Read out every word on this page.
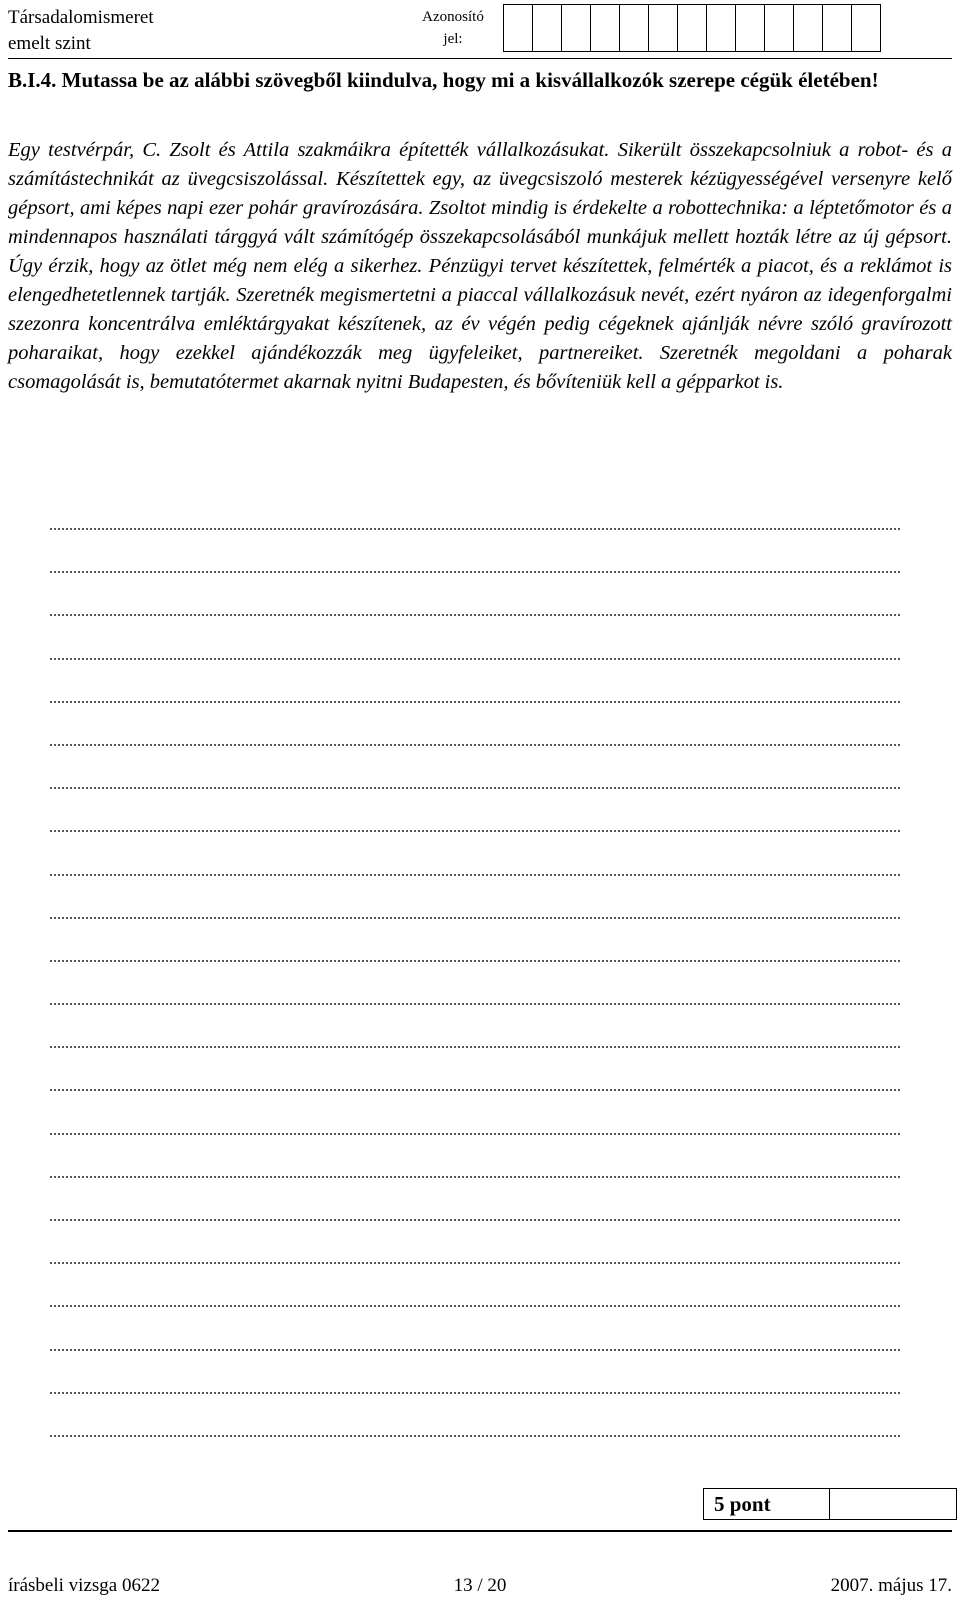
Társadalomismeret
emelt szint
Azonosító
jel:
B.I.4. Mutassa be az alábbi szövegből kiindulva, hogy mi a kisvállalkozók szerepe cégük életében!
Egy testvérpár, C. Zsolt és Attila szakmáikra építették vállalkozásukat. Sikerült összekapcsolniuk a robot- és a számítástechnikát az üvegcsiszolással. Készítettek egy, az üvegcsiszoló mesterek kézügyességével versenyre kelő gépsort, ami képes napi ezer pohár gravírozására. Zsoltot mindig is érdekelte a robottechnika: a léptetőmotor és a mindennapos használati tárggyá vált számítógép összekapcsolásából munkájuk mellett hozták létre az új gépsort. Úgy érzik, hogy az ötlet még nem elég a sikerhez. Pénzügyi tervet készítettek, felmérték a piacot, és a reklámot is elengedhetetlennek tartják. Szeretnék megismertetni a piaccal vállalkozásuk nevét, ezért nyáron az idegenforgalmi szezonra koncentrálva emléktárgyakat készítenek, az év végén pedig cégeknek ajánlják névre szóló gravírozott poharaikat, hogy ezekkel ajándékozzák meg ügyfeleiket, partnereiket. Szeretnék megoldani a poharak csomagolását is, bemutatótermet akarnak nyitni Budapesten, és bővíteniük kell a gépparkot is.
5 pont
írásbeli vizsga 0622	13 / 20	2007. május 17.
